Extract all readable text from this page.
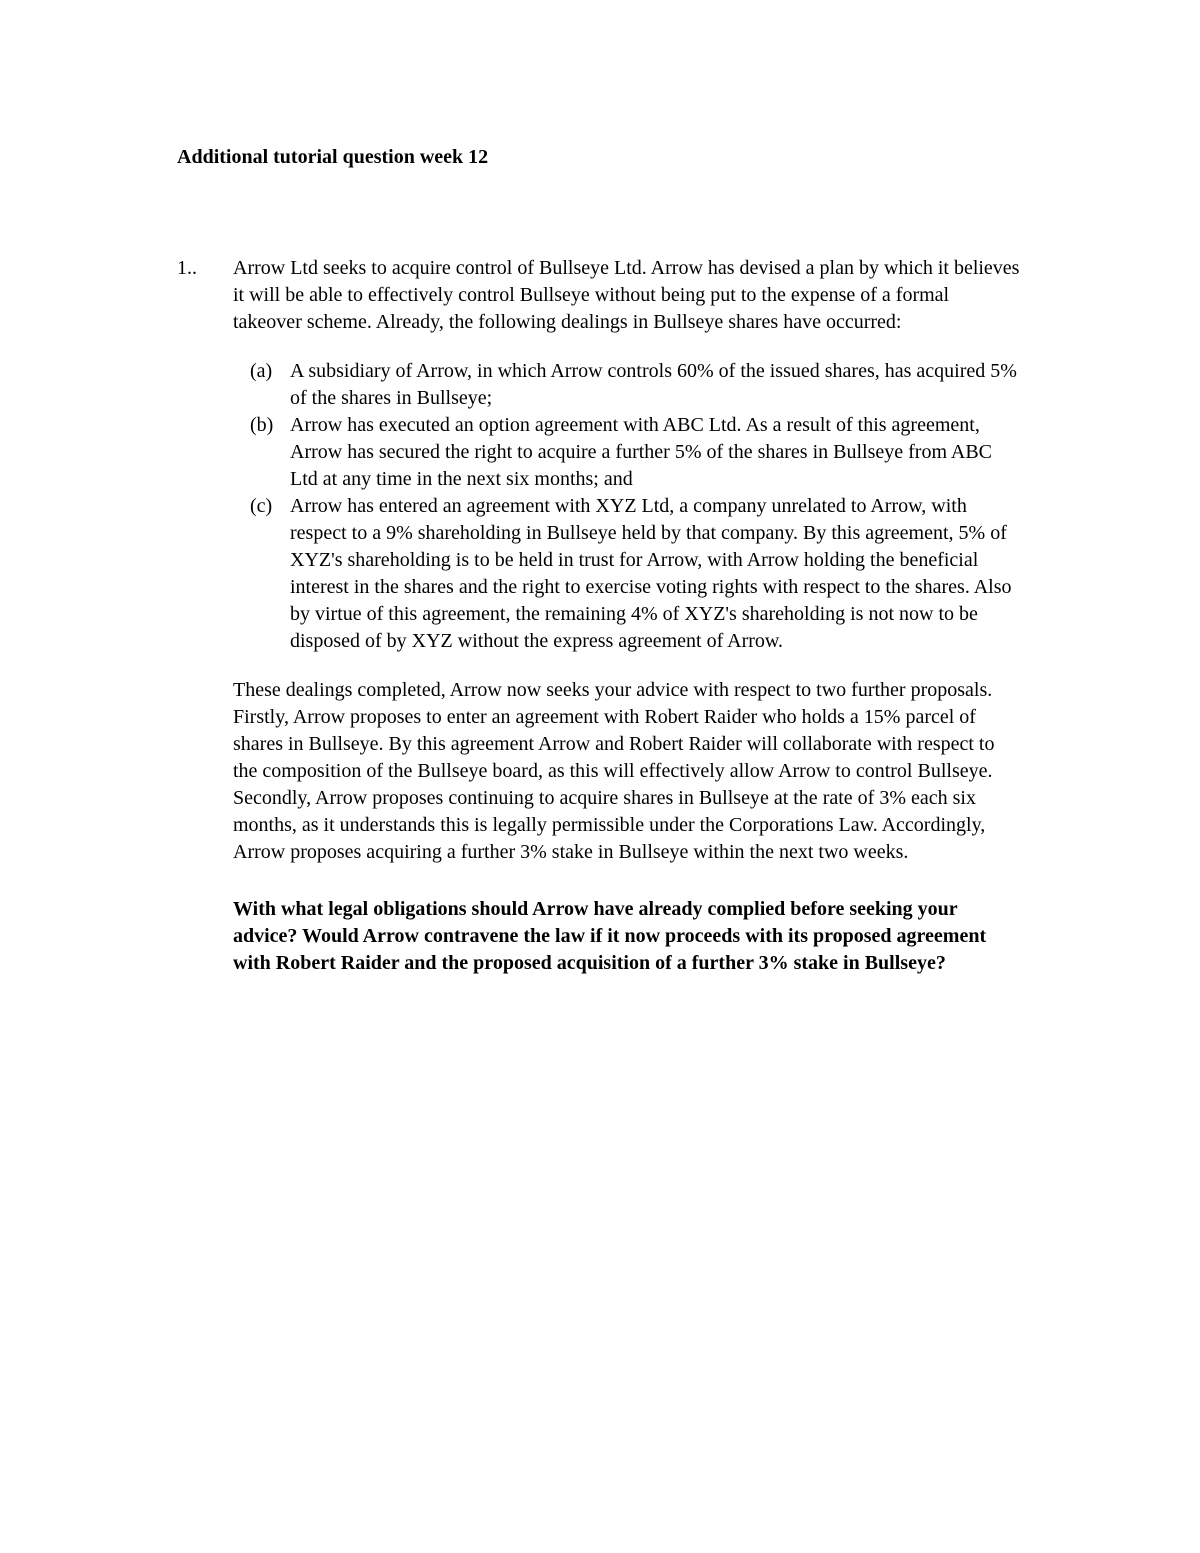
Additional tutorial question week 12
1..	Arrow Ltd seeks to acquire control of Bullseye Ltd. Arrow has devised a plan by which it believes it will be able to effectively control Bullseye without being put to the expense of a formal takeover scheme. Already, the following dealings in Bullseye shares have occurred:
(a) A subsidiary of Arrow, in which Arrow controls 60% of the issued shares, has acquired 5% of the shares in Bullseye;
(b) Arrow has executed an option agreement with ABC Ltd. As a result of this agreement, Arrow has secured the right to acquire a further 5% of the shares in Bullseye from ABC Ltd at any time in the next six months; and
(c) Arrow has entered an agreement with XYZ Ltd, a company unrelated to Arrow, with respect to a 9% shareholding in Bullseye held by that company. By this agreement, 5% of XYZ's shareholding is to be held in trust for Arrow, with Arrow holding the beneficial interest in the shares and the right to exercise voting rights with respect to the shares. Also by virtue of this agreement, the remaining 4% of XYZ's shareholding is not now to be disposed of by XYZ without the express agreement of Arrow.
These dealings completed, Arrow now seeks your advice with respect to two further proposals. Firstly, Arrow proposes to enter an agreement with Robert Raider who holds a 15% parcel of shares in Bullseye. By this agreement Arrow and Robert Raider will collaborate with respect to the composition of the Bullseye board, as this will effectively allow Arrow to control Bullseye. Secondly, Arrow proposes continuing to acquire shares in Bullseye at the rate of 3% each six months, as it understands this is legally permissible under the Corporations Law. Accordingly, Arrow proposes acquiring a further 3% stake in Bullseye within the next two weeks.
With what legal obligations should Arrow have already complied before seeking your advice? Would Arrow contravene the law if it now proceeds with its proposed agreement with Robert Raider and the proposed acquisition of a further 3% stake in Bullseye?
